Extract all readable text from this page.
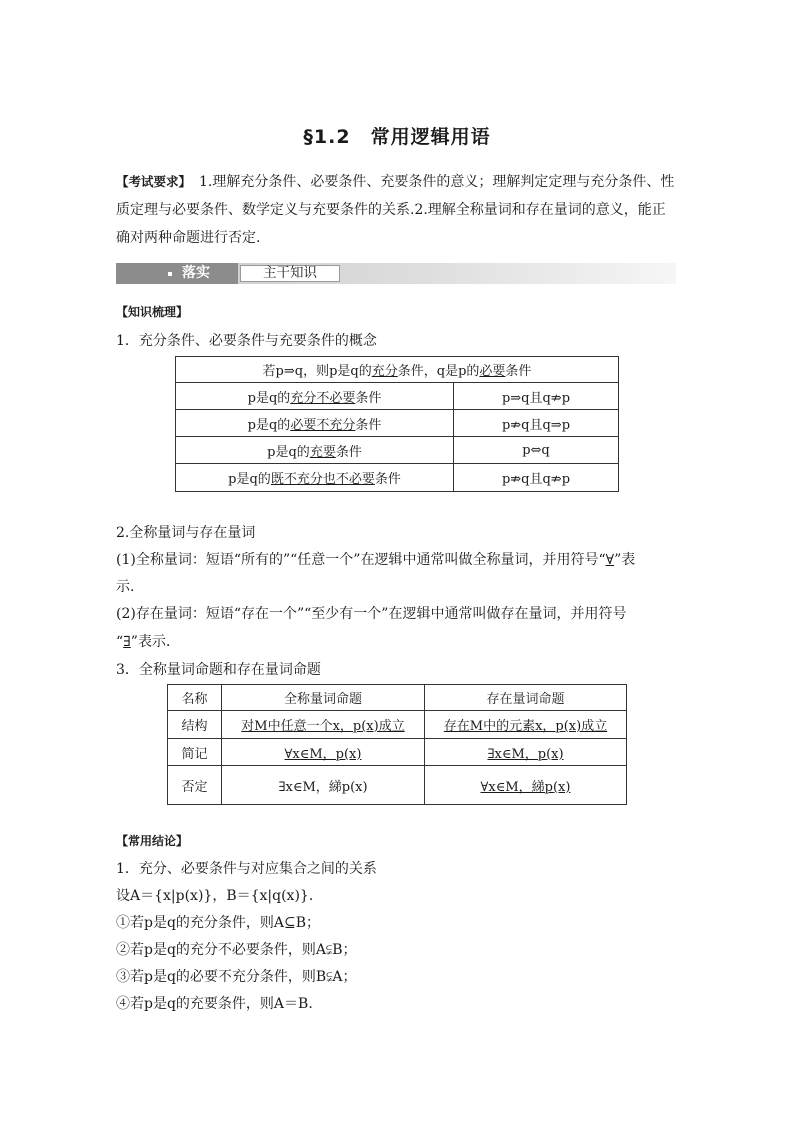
§1.2　常用逻辑用语
【考试要求】 1.理解充分条件、必要条件、充要条件的意义；理解判定定理与充分条件、性质定理与必要条件、数学定义与充要条件的关系.2.理解全称量词和存在量词的意义，能正确对两种命题进行否定.
落实	主干知识
【知识梳理】
1．充分条件、必要条件与充要条件的概念
若p⇒q，则p是q的充分条件，q是p的必要条件	
p是q的充分不必要条件	p⇒q且q⇏p
p是q的必要不充分条件	p⇏q且q⇒p
p是q的充要条件	p⇔q
p是q的既不充分也不必要条件	p⇏q且q⇏p
2.全称量词与存在量词
(1)全称量词：短语“所有的”“任意一个”在逻辑中通常叫做全称量词，并用符号“∀”表
示．
(2)存在量词：短语“存在一个”“至少有一个”在逻辑中通常叫做存在量词，并用符号
“∃”表示．
3．全称量词命题和存在量词命题
名称	全称量词命题	存在量词命题
结构	对M中任意一个x，p(x)成立	存在M中的元素x，p(x)成立
简记	∀x∈M，p(x)	∃x∈M，p(x)
否定	∃x∈M，綈p(x)	∀x∈M，綈p(x)
【常用结论】
1．充分、必要条件与对应集合之间的关系
设A＝{x|p(x)}，B＝{x|q(x)}．
①若p是q的充分条件，则A⊆B；
②若p是q的充分不必要条件，则A⫋B；
③若p是q的必要不充分条件，则B⫋A；
④若p是q的充要条件，则A＝B.
